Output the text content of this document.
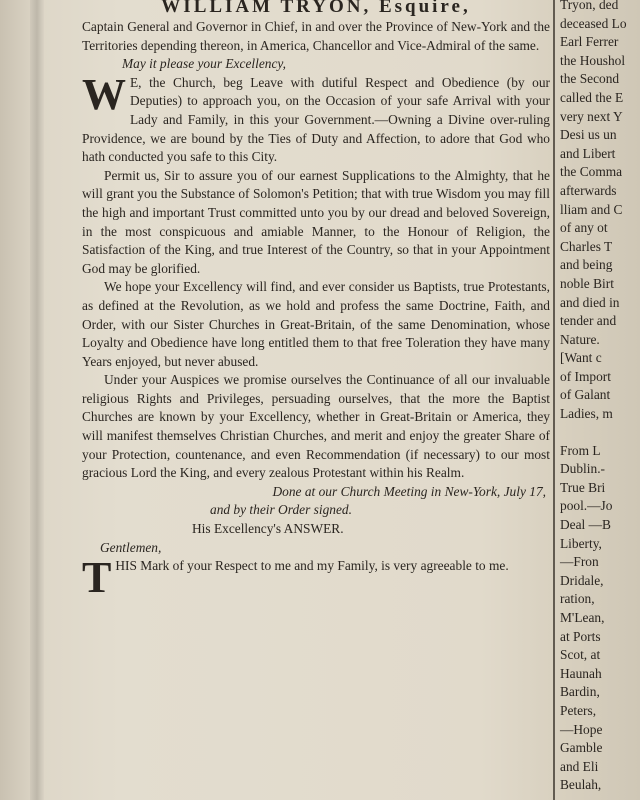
WILLIAM TRYON, Esquire,

Captain General and Governor in Chief, in and over the Province of New-York and the Territories depending thereon, in America, Chancellor and Vice-Admiral of the same.

May it please your Excellency,

W E, the Church, beg Leave with dutiful Respect and Obedience (by our Deputies) to approach you, on the Occasion of your safe Arrival with your Lady and Family, in this your Government.—Owning a Divine over-ruling Providence, we are bound by the Ties of Duty and Affection, to adore that God who hath conducted you safe to this City.

Permit us, Sir to assure you of our earnest Supplications to the Almighty, that he will grant you the Substance of Solomon's Petition; that with true Wisdom you may fill the high and important Trust committed unto you by our dread and beloved Sovereign, in the most conspicuous and amiable Manner, to the Honour of Religion, the Satisfaction of the King, and true Interest of the Country, so that in your Appointment God may be glorified.

We hope your Excellency will find, and ever consider us Baptists, true Protestants, as defined at the Revolution, as we hold and profess the same Doctrine, Faith, and Order, with our Sister Churches in Great-Britain, of the same Denomination, whose Loyalty and Obedience have long entitled them to that free Toleration they have many Years enjoyed, but never abused.

Under your Auspices we promise ourselves the Continuance of all our invaluable religious Rights and Privileges, persuading ourselves, that the more the Baptist Churches are known by your Excellency, whether in Great-Britain or America, they will manifest themselves Christian Churches, and merit and enjoy the greater Share of your Protection, countenance, and even Recommendation (if necessary) to our most gracious Lord the King, and every zealous Protestant within his Realm.

Done at our Church Meeting in New-York, July 17,

and by their Order signed.

His Excellency's ANSWER.

Gentlemen,

THIS Mark of your Respect to me and my Family, is very agreeable to me.

Tryon, ded
deceased Lo
Earl Ferrer
the Houshol
the Second
called the E
very next Y
Desi us un
and Libert
the Comma
afterwards
lliam and C
of any ot
Charles T
and being
noble Birt
and died in
tender and
Nature.
[Want c
of Import
of Galant
Ladies, m
From L
Dublin.-
True Bri
pool.—Jo
Deal —B
Liberty,
—Fron
Dridale,
ration,
M'Lean,
at Ports
Scot, at
Haunah
Bardin,
Peters,
—Hope
Gamble
and Eli
Beulah,
